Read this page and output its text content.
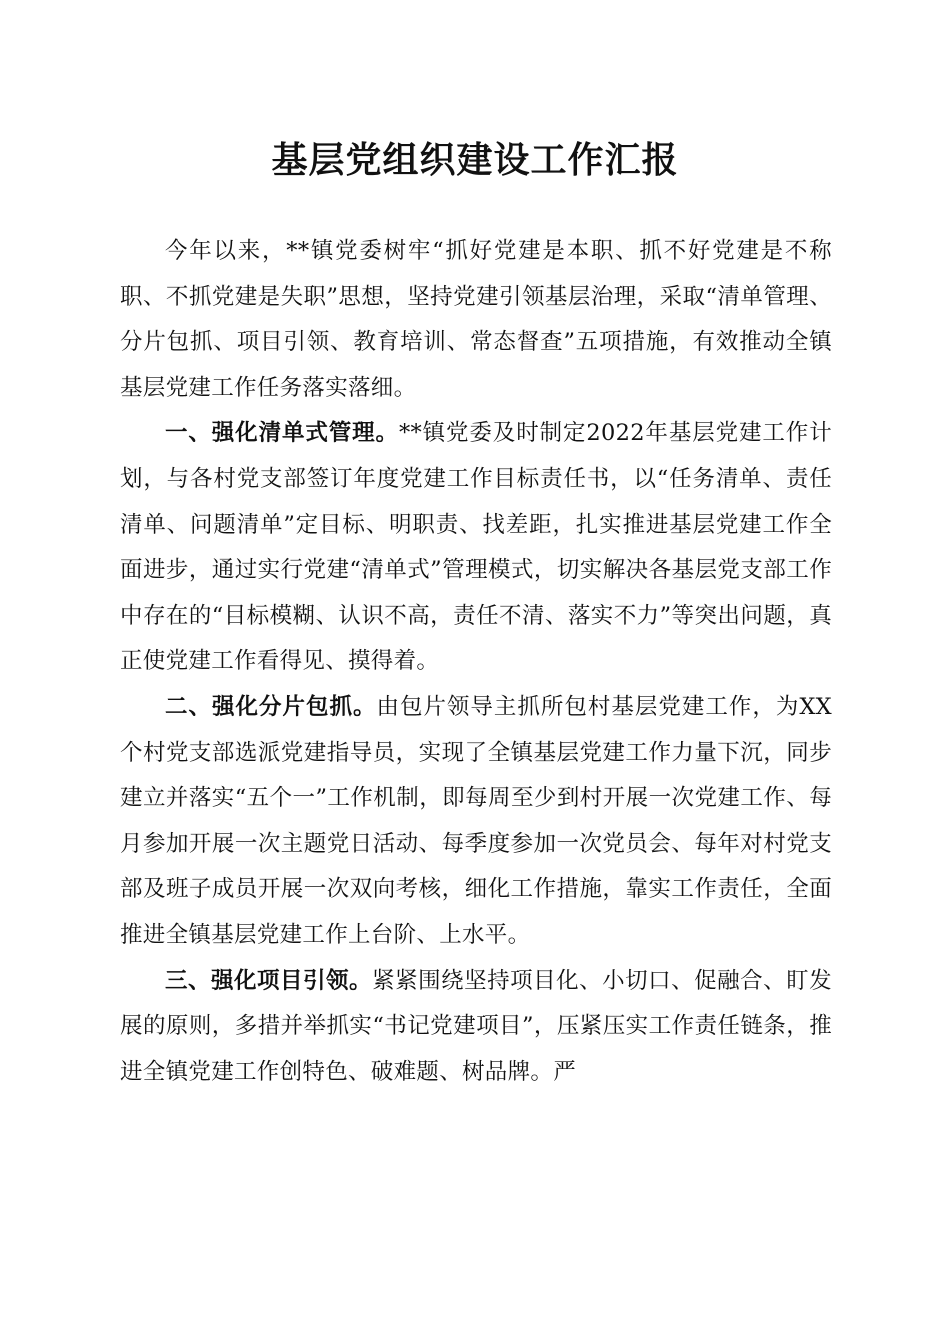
基层党组织建设工作汇报

今年以来，**镇党委树牢“抓好党建是本职、抓不好党建是不称职、不抓党建是失职”思想，坚持党建引领基层治理，采取“清单管理、分片包抓、项目引领、教育培训、常态督查”五项措施，有效推动全镇基层党建工作任务落实落细。

一、强化清单式管理。**镇党委及时制定2022年基层党建工作计划，与各村党支部签订年度党建工作目标责任书，以“任务清单、责任清单、问题清单”定目标、明职责、找差距，扎实推进基层党建工作全面进步，通过实行党建“清单式”管理模式，切实解决各基层党支部工作中存在的“目标模糊、认识不高，责任不清、落实不力”等突出问题，真正使党建工作看得见、摸得着。

二、强化分片包抓。由包片领导主抓所包村基层党建工作，为XX个村党支部选派党建指导员，实现了全镇基层党建工作力量下沉，同步建立并落实“五个一”工作机制，即每周至少到村开展一次党建工作、每月参加开展一次主题党日活动、每季度参加一次党员会、每年对村党支部及班子成员开展一次双向考核，细化工作措施，靠实工作责任，全面推进全镇基层党建工作上台阶、上水平。

三、强化项目引领。紧紧围绕坚持项目化、小切口、促融合、盯发展的原则，多措并举抓实“书记党建项目”，压紧压实工作责任链条，推进全镇党建工作创特色、破难题、树品牌。严
